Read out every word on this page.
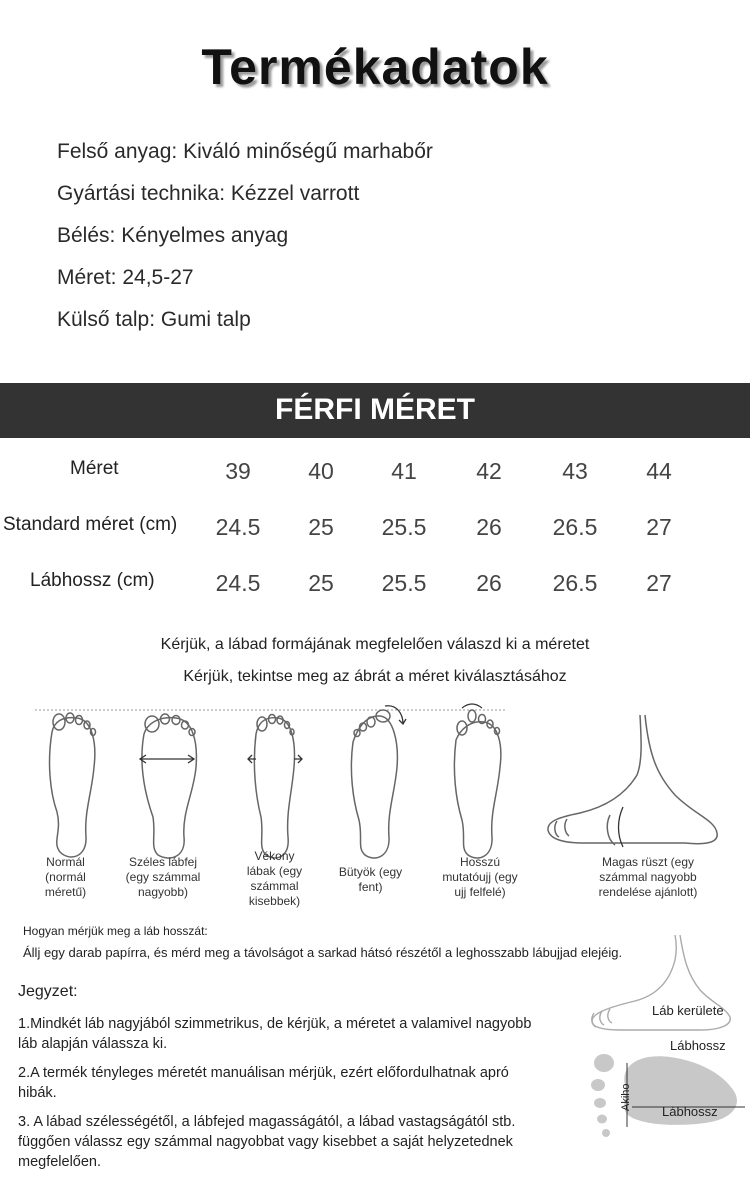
Termékadatok
Felső anyag: Kiváló minőségű marhabőr
Gyártási technika: Kézzel varrott
Bélés: Kényelmes anyag
Méret: 24,5-27
Külső talp: Gumi talp
FÉRFI MÉRET
Méret	39	40	41	42	43	44
Standard méret (cm)	24.5	25	25.5	26	26.5	27
Lábhossz (cm)	24.5	25	25.5	26	26.5	27
Kérjük, a lábad formájának megfelelően válaszd ki a méretet
Kérjük, tekintse meg az ábrát a méret kiválasztásához
Normál
(normál
méretű)
Széles lábfej
(egy számmal
nagyobb)
Vékony
lábak (egy
számmal
kisebbek)
Bütyök (egy
fent)
Hosszú
mutatóujj (egy
ujj felfelé)
Magas rüszt (egy
számmal nagyobb
rendelése ajánlott)
Hogyan mérjük meg a láb hosszát:
Állj egy darab papírra, és mérd meg a távolságot a sarkad hátsó részétől a leghosszabb lábujjad elejéig.
Jegyzet:
1.Mindkét láb nagyjából szimmetrikus, de kérjük, a méretet a valamivel nagyobb láb alapján válassza ki.
2.A termék tényleges méretét manuálisan mérjük, ezért előfordulhatnak apró hibák.
3. A lábad szélességétől, a lábfejed magasságától, a lábad vastagságától stb. függően válassz egy számmal nagyobbat vagy kisebbet a saját helyzetednek megfelelően.
Láb kerülete
Lábhossz
Akiho
Lábhossz
